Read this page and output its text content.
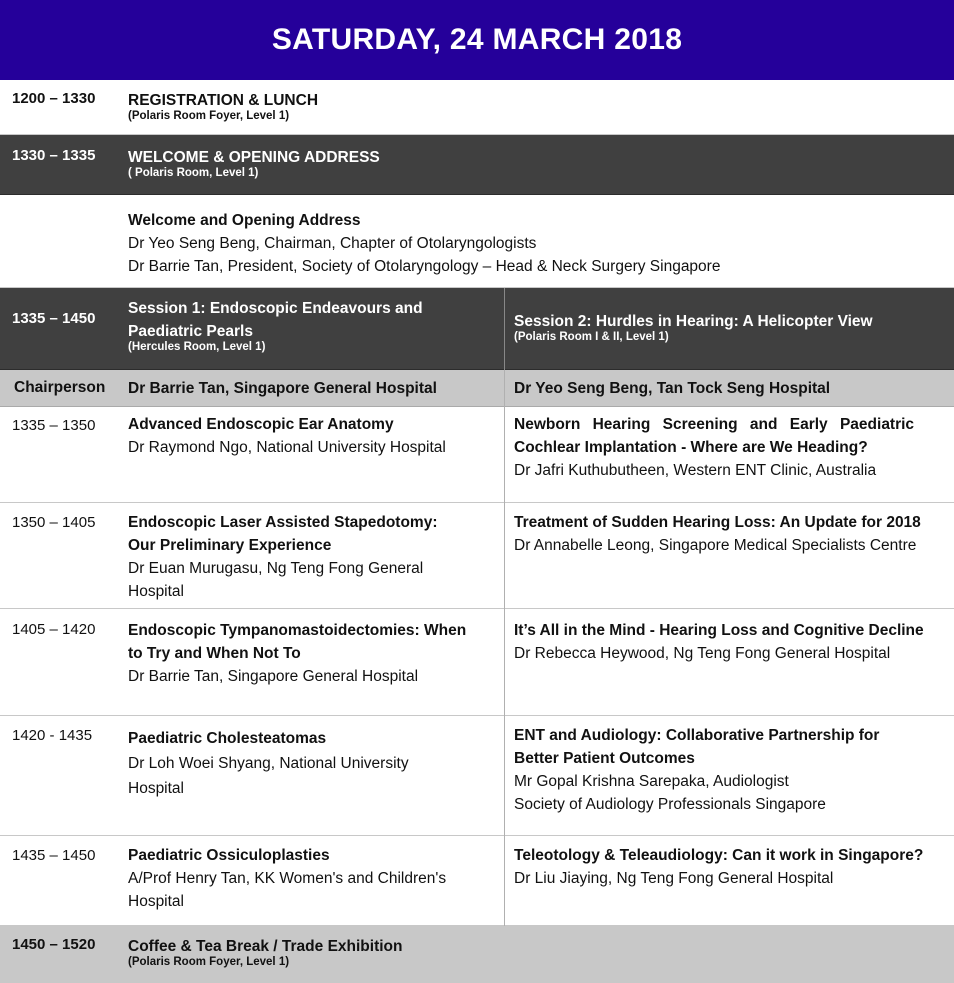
SATURDAY, 24 MARCH 2018
1200 – 1330 REGISTRATION & LUNCH
(Polaris Room Foyer, Level 1)
1330 – 1335 WELCOME & OPENING ADDRESS
( Polaris Room, Level 1)
Welcome and Opening Address
Dr Yeo Seng Beng, Chairman, Chapter of Otolaryngologists
Dr Barrie Tan, President, Society of Otolaryngology – Head & Neck Surgery Singapore
1335 – 1450
Session 1: Endoscopic Endeavours and
Paediatric Pearls
(Hercules Room, Level 1)
Session 2: Hurdles in Hearing: A Helicopter View
(Polaris Room I & II, Level 1)
Chairperson Dr Barrie Tan, Singapore General Hospital	Dr Yeo Seng Beng, Tan Tock Seng Hospital
1335 – 1350 Advanced Endoscopic Ear Anatomy
Dr Raymond Ngo, National University Hospital
Newborn Hearing Screening and Early Paediatric
Cochlear Implantation - Where are We Heading?
Dr Jafri Kuthubutheen, Western ENT Clinic, Australia
1350 – 1405 Endoscopic Laser Assisted Stapedotomy:
Our Preliminary Experience
Dr Euan Murugasu, Ng Teng Fong General
Hospital
Treatment of Sudden Hearing Loss: An Update for 2018
Dr Annabelle Leong, Singapore Medical Specialists Centre
1405 – 1420 Endoscopic Tympanomastoidectomies: When
to Try and When Not To
Dr Barrie Tan, Singapore General Hospital
It’s All in the Mind - Hearing Loss and Cognitive Decline
Dr Rebecca Heywood, Ng Teng Fong General Hospital
1420 - 1435 Paediatric Cholesteatomas
Dr Loh Woei Shyang, National University
Hospital
ENT and Audiology: Collaborative Partnership for
Better Patient Outcomes
Mr Gopal Krishna Sarepaka, Audiologist
Society of Audiology Professionals Singapore
1435 – 1450 Paediatric Ossiculoplasties
A/Prof Henry Tan, KK Women's and Children's
Hospital
Teleotology & Teleaudiology: Can it work in Singapore?
Dr Liu Jiaying, Ng Teng Fong General Hospital
1450 – 1520 Coffee & Tea Break / Trade Exhibition
(Polaris Room Foyer, Level 1)
